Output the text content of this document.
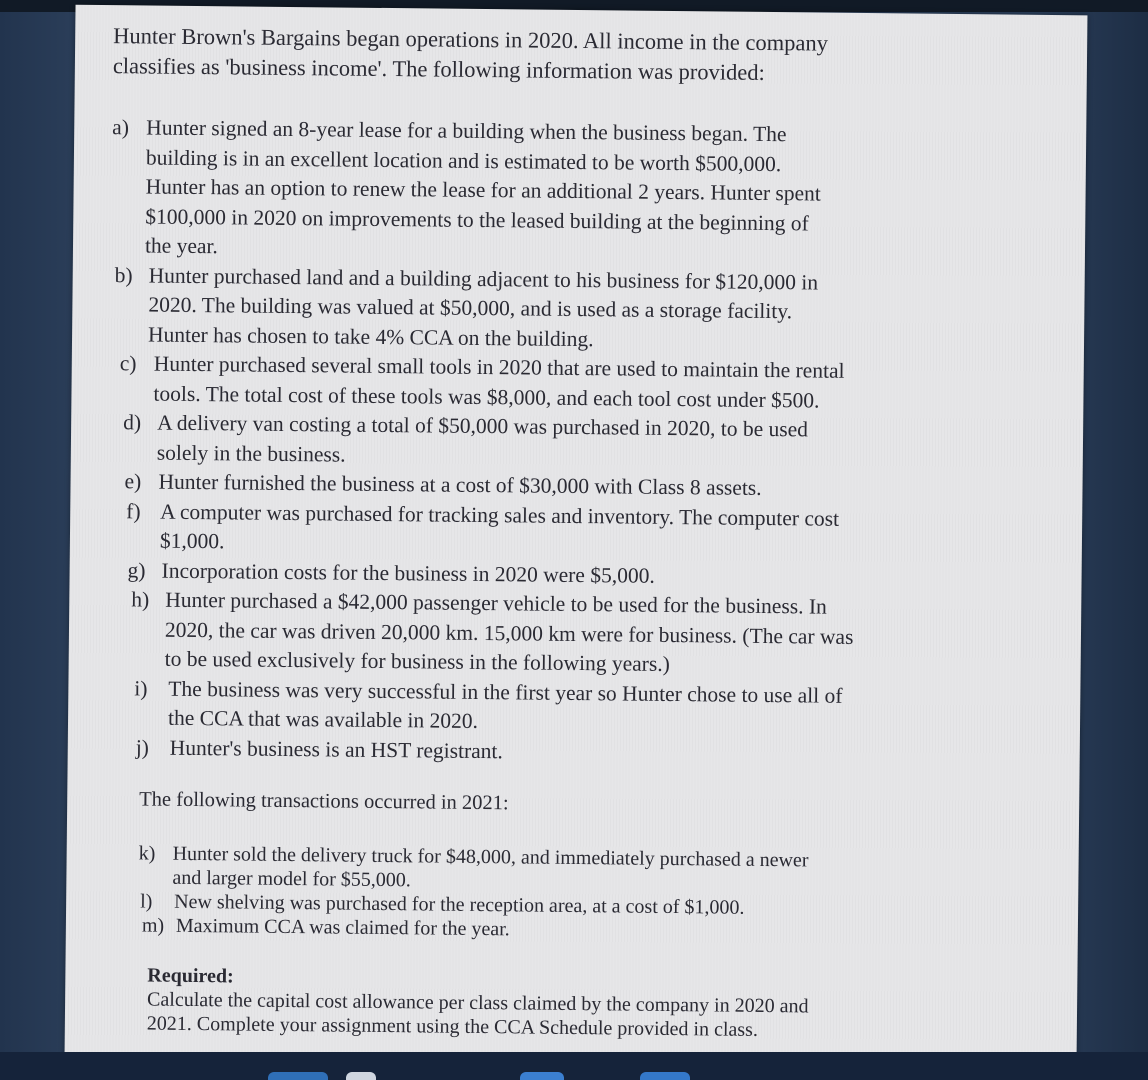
Hunter Brown's Bargains began operations in 2020. All income in the company

classifies as 'business income'. The following information was provided:

a) Hunter signed an 8-year lease for a building when the business began. The

building is in an excellent location and is estimated to be worth $500,000.

Hunter has an option to renew the lease for an additional 2 years. Hunter spent

$100,000 in 2020 on improvements to the leased building at the beginning of

the year.

b) Hunter purchased land and a building adjacent to his business for $120,000 in

2020. The building was valued at $50,000, and is used as a storage facility.

Hunter has chosen to take 4% CCA on the building.

c) Hunter purchased several small tools in 2020 that are used to maintain the rental

tools. The total cost of these tools was $8,000, and each tool cost under $500.

d) A delivery van costing a total of $50,000 was purchased in 2020, to be used

solely in the business.

e) Hunter furnished the business at a cost of $30,000 with Class 8 assets.

f) A computer was purchased for tracking sales and inventory. The computer cost

$1,000.

g) Incorporation costs for the business in 2020 were $5,000.

h) Hunter purchased a $42,000 passenger vehicle to be used for the business. In

2020, the car was driven 20,000 km. 15,000 km were for business. (The car was

to be used exclusively for business in the following years.)

i) The business was very successful in the first year so Hunter chose to use all of

the CCA that was available in 2020.

j) Hunter's business is an HST registrant.

The following transactions occurred in 2021:
k) Hunter sold the delivery truck for $48,000, and immediately purchased a newer

and larger model for $55,000.

l)	New shelving was purchased for the reception area, at a cost of $1,000.

m) Maximum CCA was claimed for the year.

Required:

Calculate the capital cost allowance per class claimed by the company in 2020 and

2021. Complete your assignment using the CCA Schedule provided in class.
